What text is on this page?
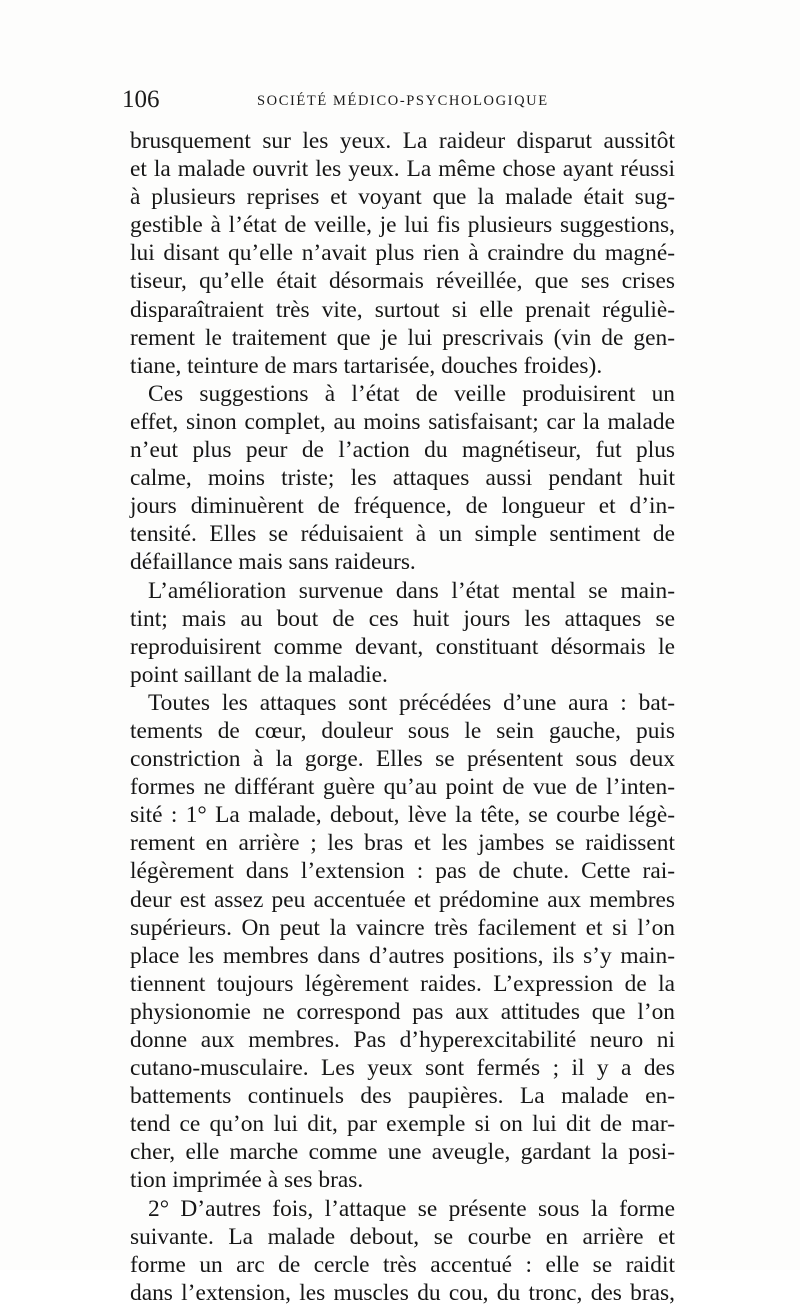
106	SOCIÉTÉ MÉDICO-PSYCHOLOGIQUE
brusquement sur les yeux. La raideur disparut aussitôt
et la malade ouvrit les yeux. La même chose ayant réussi
à plusieurs reprises et voyant que la malade était sug-
gestible à l’état de veille, je lui fis plusieurs suggestions,
lui disant qu’elle n’avait plus rien à craindre du magné-
tiseur, qu’elle était désormais réveillée, que ses crises
disparaîtraient très vite, surtout si elle prenait réguliè-
rement le traitement que je lui prescrivais (vin de gen-
tiane, teinture de mars tartarisée, douches froides).
Ces suggestions à l’état de veille produisirent un
effet, sinon complet, au moins satisfaisant; car la malade
n’eut plus peur de l’action du magnétiseur, fut plus
calme, moins triste; les attaques aussi pendant huit
jours diminuèrent de fréquence, de longueur et d’in-
tensité. Elles se réduisaient à un simple sentiment de
défaillance mais sans raideurs.
L’amélioration survenue dans l’état mental se main-
tint; mais au bout de ces huit jours les attaques se
reproduisirent comme devant, constituant désormais le
point saillant de la maladie.
Toutes les attaques sont précédées d’une aura : bat-
tements de cœur, douleur sous le sein gauche, puis
constriction à la gorge. Elles se présentent sous deux
formes ne différant guère qu’au point de vue de l’inten-
sité : 1° La malade, debout, lève la tête, se courbe légè-
rement en arrière ; les bras et les jambes se raidissent
légèrement dans l’extension : pas de chute. Cette rai-
deur est assez peu accentuée et prédomine aux membres
supérieurs. On peut la vaincre très facilement et si l’on
place les membres dans d’autres positions, ils s’y main-
tiennent toujours légèrement raides. L’expression de la
physionomie ne correspond pas aux attitudes que l’on
donne aux membres. Pas d’hyperexcitabilité neuro ni
cutano-musculaire. Les yeux sont fermés ; il y a des
battements continuels des paupières. La malade en-
tend ce qu’on lui dit, par exemple si on lui dit de mar-
cher, elle marche comme une aveugle, gardant la posi-
tion imprimée à ses bras.
2° D’autres fois, l’attaque se présente sous la forme
suivante. La malade debout, se courbe en arrière et
forme un arc de cercle très accentué : elle se raidit
dans l’extension, les muscles du cou, du tronc, des bras,
